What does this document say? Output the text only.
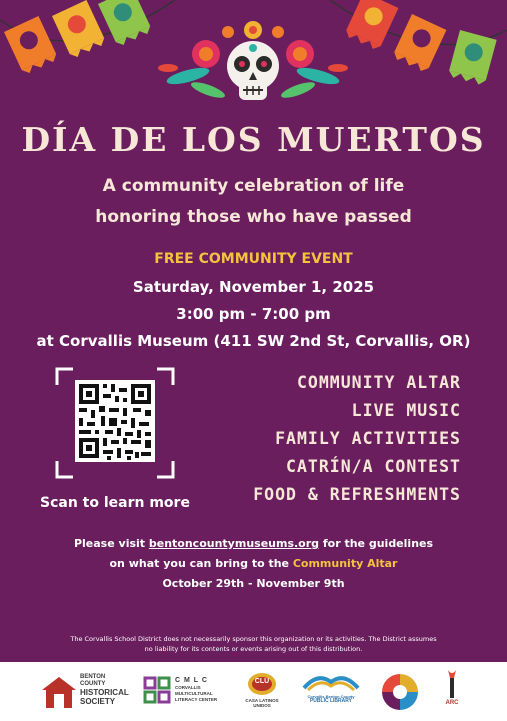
DÍA DE LOS MUERTOS
A community celebration of life
honoring those who have passed
FREE COMMUNITY EVENT
Saturday, November 1, 2025
3:00 pm - 7:00 pm
at Corvallis Museum (411 SW 2nd St, Corvallis, OR)
Scan to learn more
COMMUNITY ALTAR
LIVE MUSIC
FAMILY ACTIVITIES
CATRÍN/A CONTEST
FOOD & REFRESHMENTS
Please visit bentoncountymuseums.org for the guidelines
on what you can bring to the Community Altar
October 29th - November 9th
The Corvallis School District does not necessarily sponsor this organization or its activities. The District assumes
no liability for its contents or events arising out of this distribution.
BENTON
COUNTY
HISTORICAL
SOCIETY
C M L C
CORVALLIS
MULTICULTURAL
LITERACY CENTER
CLU
CASA LATINOS UNIDOS
Corvallis-Benton County
PUBLIC LIBRARY	ARC
